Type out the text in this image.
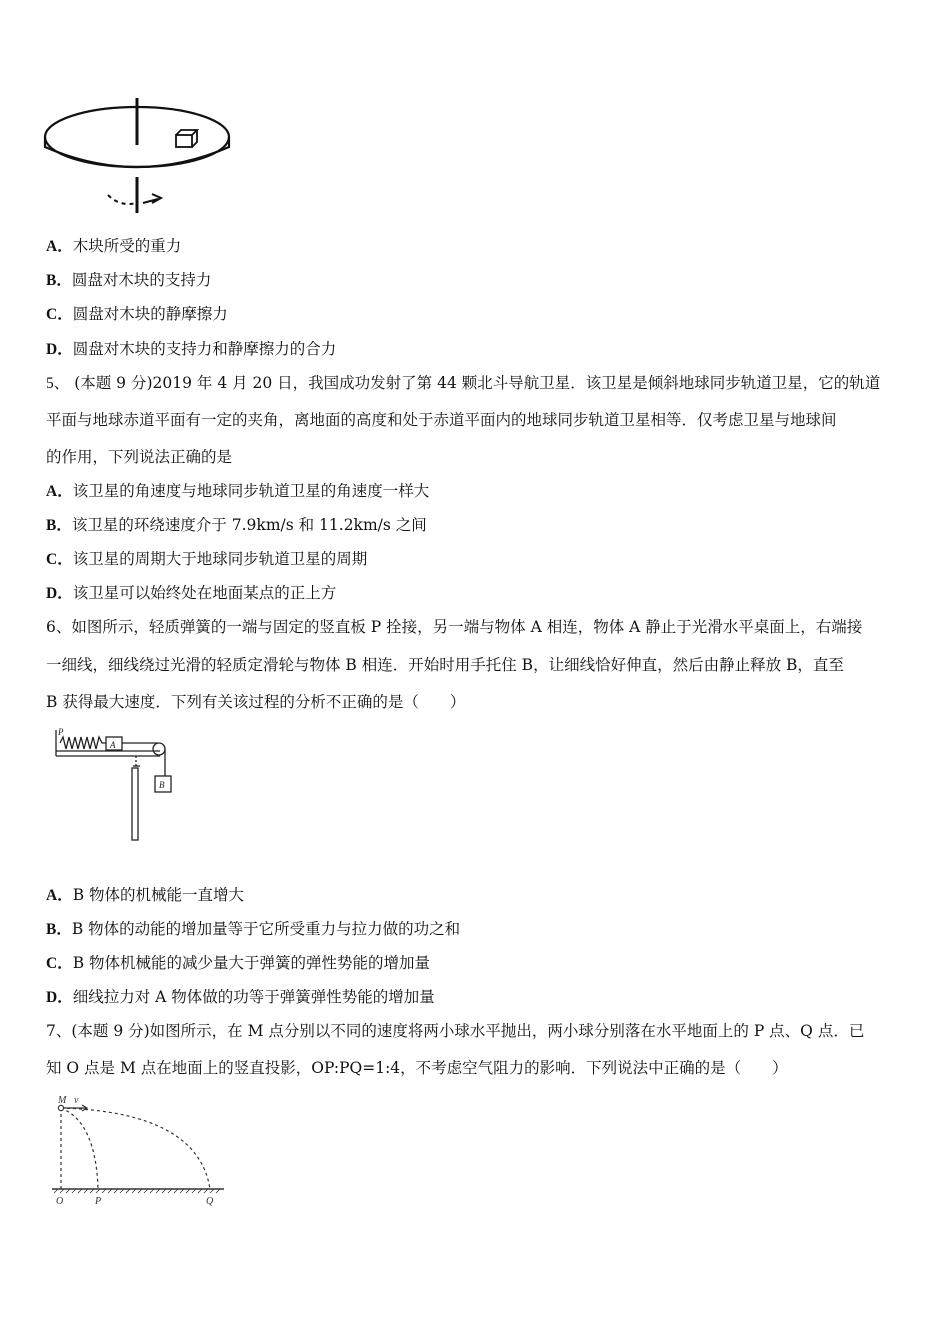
A．木块所受的重力
B．圆盘对木块的支持力
C．圆盘对木块的静摩擦力
D．圆盘对木块的支持力和静摩擦力的合力
5、 (本题 9 分)2019 年 4 月 20 日，我国成功发射了第 44 颗北斗导航卫星．该卫星是倾斜地球同步轨道卫星，它的轨道
平面与地球赤道平面有一定的夹角，离地面的高度和处于赤道平面内的地球同步轨道卫星相等．仅考虑卫星与地球间
的作用，下列说法正确的是
A．该卫星的角速度与地球同步轨道卫星的角速度一样大
B．该卫星的环绕速度介于 7.9km/s 和 11.2km/s 之间
C．该卫星的周期大于地球同步轨道卫星的周期
D．该卫星可以始终处在地面某点的正上方
6、如图所示，轻质弹簧的一端与固定的竖直板 P 拴接，另一端与物体 A 相连，物体 A 静止于光滑水平桌面上，右端接
一细线，细线绕过光滑的轻质定滑轮与物体 B 相连．开始时用手托住 B，让细线恰好伸直，然后由静止释放 B，直至
B 获得最大速度．下列有关该过程的分析不正确的是（　　）
P
A
B
A．B 物体的机械能一直增大
B．B 物体的动能的增加量等于它所受重力与拉力做的功之和
C．B 物体机械能的减少量大于弹簧的弹性势能的增加量
D．细线拉力对 A 物体做的功等于弹簧弹性势能的增加量
7、(本题 9 分)如图所示，在 M 点分别以不同的速度将两小球水平抛出，两小球分别落在水平地面上的 P 点、Q 点．已
知 O 点是 M 点在地面上的竖直投影，OP:PQ=1:4，不考虑空气阻力的影响．下列说法中正确的是（　　）
M v
O	P	Q
